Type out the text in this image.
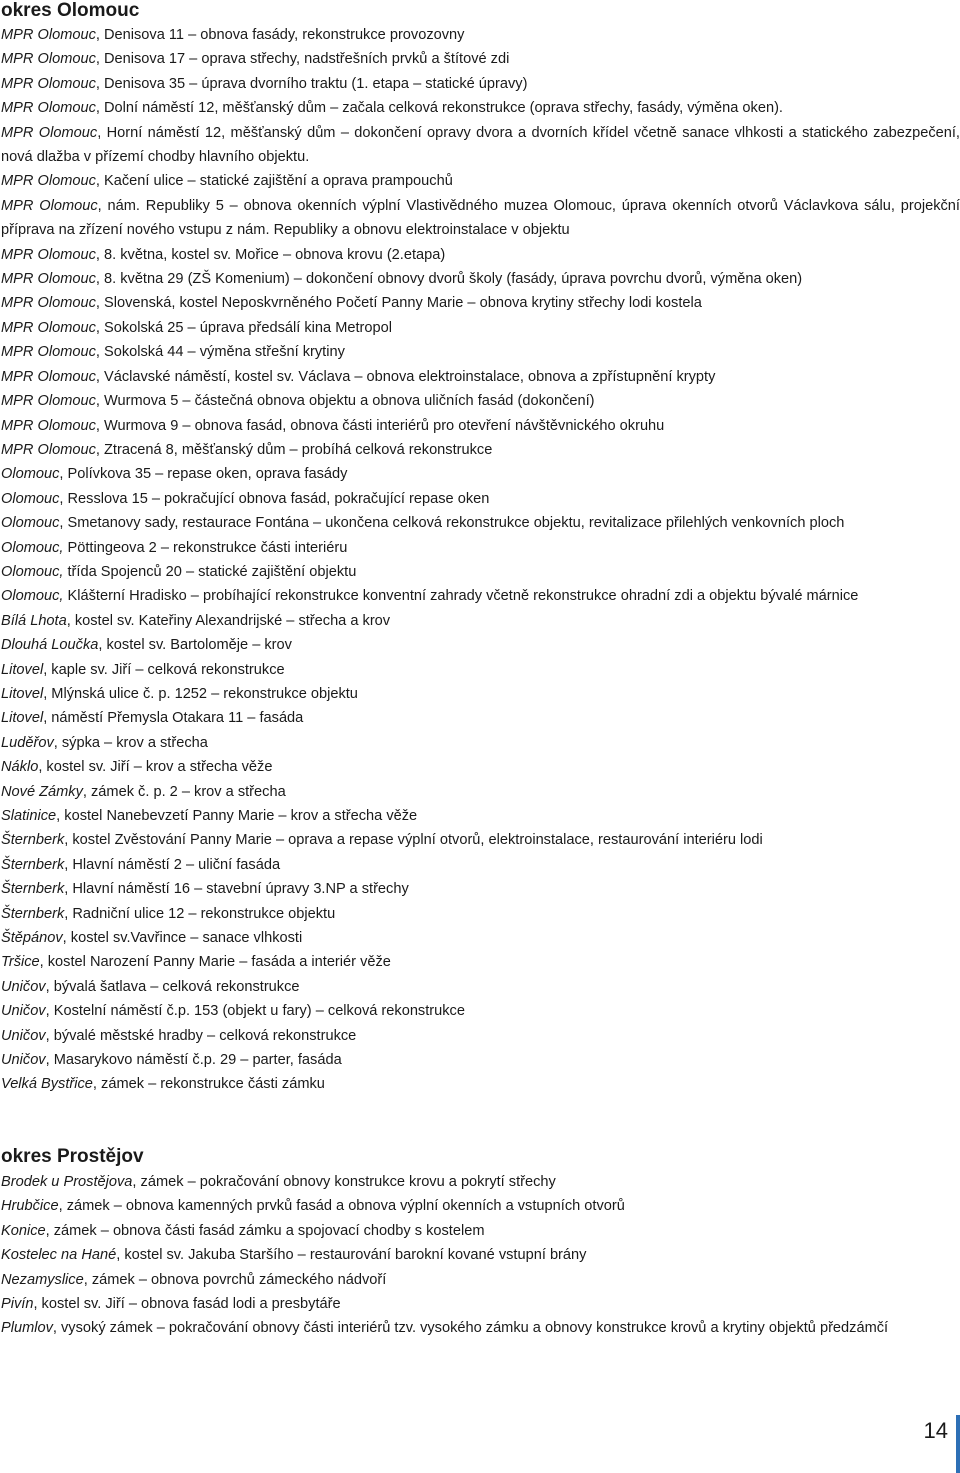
okres Olomouc
MPR Olomouc, Denisova 11 – obnova fasády, rekonstrukce provozovny
MPR Olomouc, Denisova 17 – oprava střechy, nadstřešních prvků a štítové zdi
MPR Olomouc, Denisova 35 – úprava dvorního traktu (1. etapa – statické úpravy)
MPR Olomouc, Dolní náměstí 12, měšťanský dům – začala celková rekonstrukce (oprava střechy, fasády, výměna oken).
MPR Olomouc, Horní náměstí 12, měšťanský dům – dokončení opravy dvora a dvorních křídel včetně sanace vlhkosti a statického zabezpečení, nová dlažba v přízemí chodby hlavního objektu.
MPR Olomouc, Kačení ulice – statické zajištění a oprava prampouchů
MPR Olomouc, nám. Republiky 5 – obnova okenních výplní Vlastivědného muzea Olomouc, úprava okenních otvorů Václavkova sálu, projekční příprava na zřízení nového vstupu z nám. Republiky a obnovu elektroinstalace v objektu
MPR Olomouc, 8. května, kostel sv. Mořice – obnova krovu (2.etapa)
MPR Olomouc, 8. května 29 (ZŠ Komenium) – dokončení obnovy dvorů školy (fasády, úprava povrchu dvorů, výměna oken)
MPR Olomouc, Slovenská, kostel Neposkvrněného Početí Panny Marie – obnova krytiny střechy lodi kostela
MPR Olomouc, Sokolská 25 – úprava předsálí kina Metropol
MPR Olomouc, Sokolská 44 – výměna střešní krytiny
MPR Olomouc, Václavské náměstí, kostel sv. Václava – obnova elektroinstalace, obnova a zpřístupnění krypty
MPR Olomouc, Wurmova 5 – částečná obnova objektu a obnova uličních fasád (dokončení)
MPR Olomouc, Wurmova 9 – obnova fasád, obnova části interiérů pro otevření návštěvnického okruhu
MPR Olomouc, Ztracená 8, měšťanský dům – probíhá celková rekonstrukce
Olomouc, Polívkova 35 – repase oken, oprava fasády
Olomouc, Resslova 15 – pokračující obnova fasád, pokračující repase oken
Olomouc, Smetanovy sady, restaurace Fontána – ukončena celková rekonstrukce objektu, revitalizace přilehlých venkovních ploch
Olomouc, Pöttingeova 2 – rekonstrukce části interiéru
Olomouc, třída Spojenců 20 – statické zajištění objektu
Olomouc, Klášterní Hradisko – probíhající rekonstrukce konventní zahrady včetně rekonstrukce ohradní zdi a objektu bývalé márnice
Bílá Lhota, kostel sv. Kateřiny Alexandrijské – střecha a krov
Dlouhá Loučka, kostel sv. Bartoloměje – krov
Litovel, kaple sv. Jiří – celková rekonstrukce
Litovel, Mlýnská ulice č. p. 1252 – rekonstrukce objektu
Litovel, náměstí Přemysla Otakara 11 – fasáda
Luděřov, sýpka – krov a střecha
Náklo, kostel sv. Jiří – krov a střecha věže
Nové Zámky, zámek č. p. 2 – krov a střecha
Slatinice, kostel Nanebevzetí Panny Marie – krov a střecha věže
Šternberk, kostel Zvěstování Panny Marie – oprava a repase výplní otvorů, elektroinstalace, restaurování interiéru lodi
Šternberk, Hlavní náměstí 2 – uliční fasáda
Šternberk, Hlavní náměstí 16 – stavební úpravy 3.NP a střechy
Šternberk, Radniční ulice 12 – rekonstrukce objektu
Štěpánov, kostel sv.Vavřince – sanace vlhkosti
Tršice, kostel Narození Panny Marie – fasáda a interiér věže
Uničov, bývalá šatlava – celková rekonstrukce
Uničov, Kostelní náměstí č.p. 153 (objekt u fary) – celková rekonstrukce
Uničov, bývalé městské hradby – celková rekonstrukce
Uničov, Masarykovo náměstí č.p. 29 – parter, fasáda
Velká Bystřice, zámek – rekonstrukce části zámku
okres Prostějov
Brodek u Prostějova, zámek – pokračování obnovy konstrukce krovu a pokrytí střechy
Hrubčice, zámek – obnova kamenných prvků fasád a obnova výplní okenních a vstupních otvorů
Konice, zámek – obnova části fasád zámku a spojovací chodby s kostelem
Kostelec na Hané, kostel sv. Jakuba Staršího – restaurování barokní kované vstupní brány
Nezamyslice, zámek – obnova povrchů zámeckého nádvoří
Pivín, kostel sv. Jiří – obnova fasád lodi a presbytáře
Plumlov, vysoký zámek – pokračování obnovy části interiérů tzv. vysokého zámku a obnovy konstrukce krovů a krytiny objektů předzámčí
14
